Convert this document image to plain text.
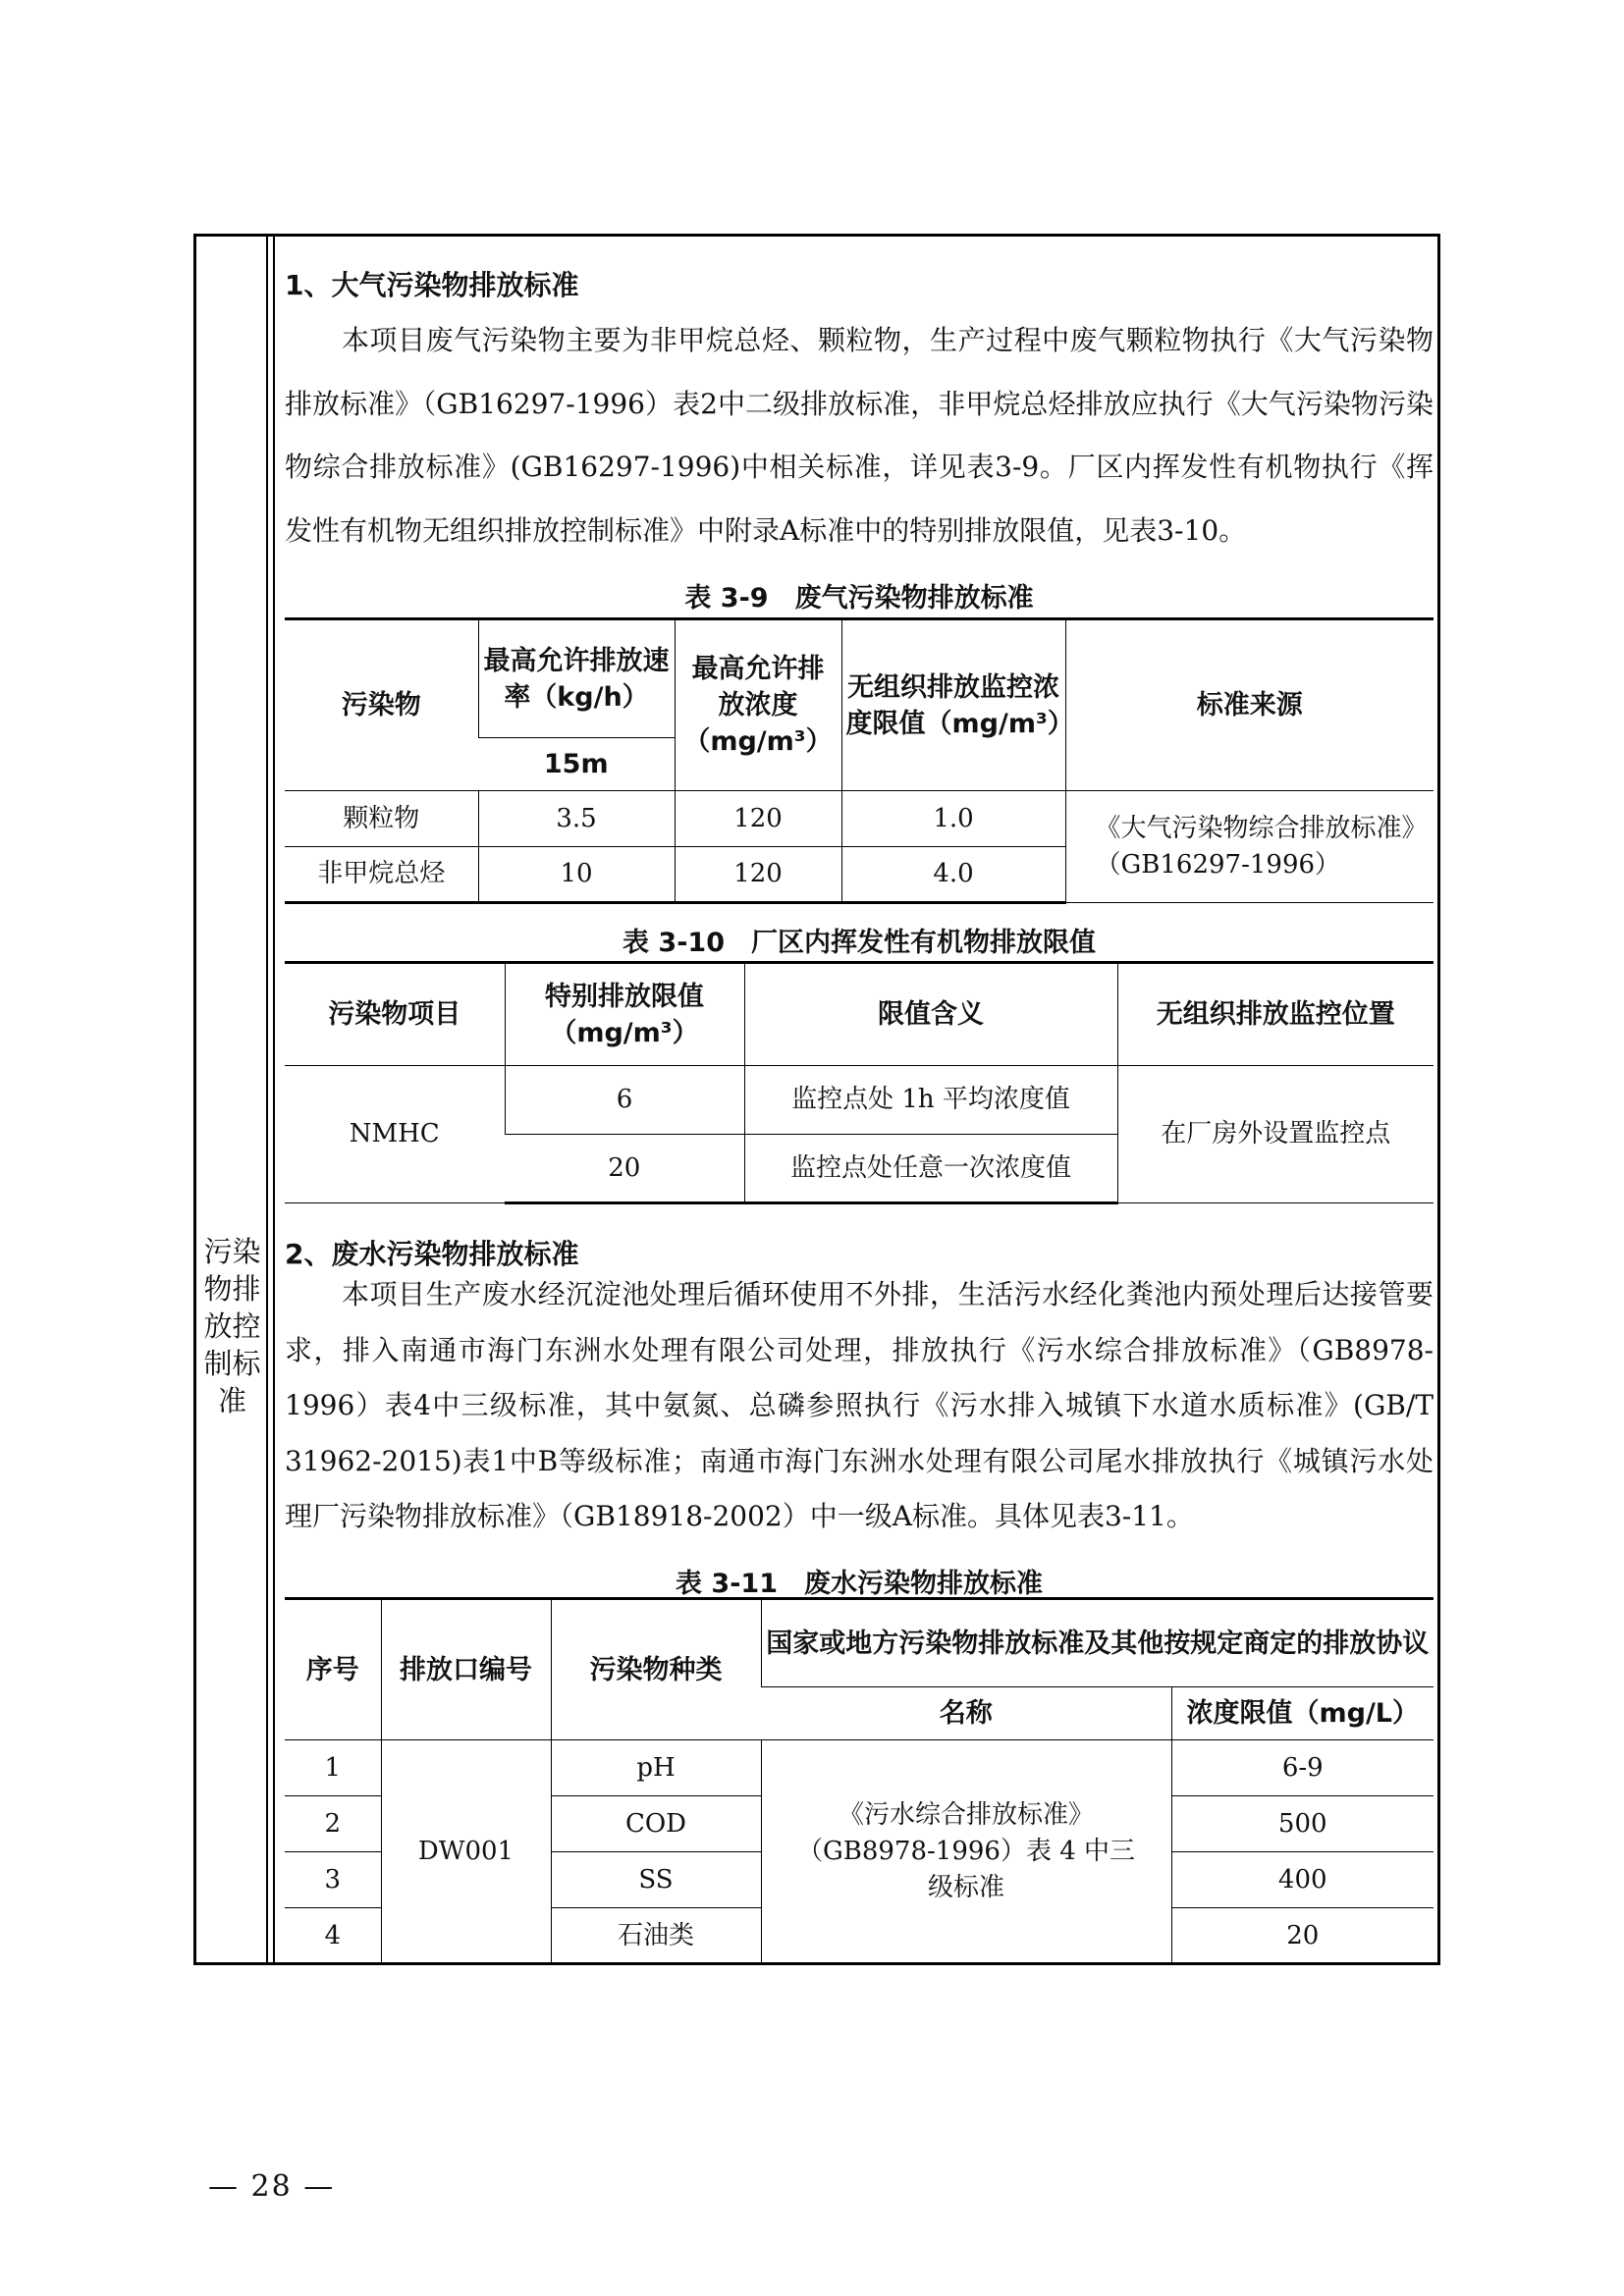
污染
物排
放控
制标
准
1、大气污染物排放标准

本项目废气污染物主要为非甲烷总烃、颗粒物，生产过程中废气颗粒物执行《大气污染物排放标准》（GB16297-1996）表2中二级排放标准，非甲烷总烃排放应执行《大气污染物污染物综合排放标准》(GB16297-1996)中相关标准，详见表3-9。厂区内挥发性有机物执行《挥发性有机物无组织排放控制标准》中附录A标准中的特别排放限值，见表3-10。

表 3-9　废气污染物排放标准
污染物	最高允许排放速率（kg/h）	最高允许排放浓度（mg/m³）	无组织排放监控浓度限值（mg/m³）	标准来源
	15m			
颗粒物	3.5	120	1.0	《大气污染物综合排放标准》（GB16297-1996）
非甲烷总烃	10	120	4.0	
表 3-10　厂区内挥发性有机物排放限值
污染物项目	特别排放限值（mg/m³）	限值含义	无组织排放监控位置
NMHC	6	监控点处 1h 平均浓度值	在厂房外设置监控点
	20	监控点处任意一次浓度值	
2、废水污染物排放标准

本项目生产废水经沉淀池处理后循环使用不外排，生活污水经化粪池内预处理后达接管要求，排入南通市海门东洲水处理有限公司处理，排放执行《污水综合排放标准》（GB8978-1996）表4中三级标准，其中氨氮、总磷参照执行《污水排入城镇下水道水质标准》(GB/T 31962-2015)表1中B等级标准；南通市海门东洲水处理有限公司尾水排放执行《城镇污水处理厂污染物排放标准》（GB18918-2002）中一级A标准。具体见表3-11。

表 3-11　废水污染物排放标准
序号	排放口编号	污染物种类	国家或地方污染物排放标准及其他按规定商定的排放协议	
			名称	浓度限值（mg/L）
1	DW001	pH	《污水综合排放标准》（GB8978-1996）表 4 中三级标准	6-9
2		COD		500
3		SS		400
4		石油类		20
— 28 —
